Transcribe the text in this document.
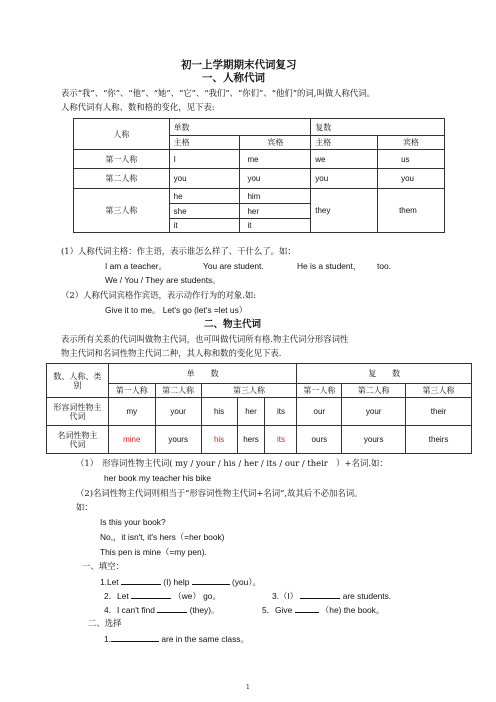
初一上学期期末代词复习
一、人称代词
表示“我”、“你”、“他”、“她”、“它”、“我们”、“你们”、“他们”的词,叫做人称代词。
人称代词有人称、数和格的变化，见下表:
人称	单数		复数	
	主格	宾格	主格	宾格
第一人称	I	me	we	us
第二人称	you	you	you	you
第三人称	he	him	they	them
	she	her		
	it	it		
(1）人称代词主格：作主语，表示谁怎么样了、干什么了。如：
I am a teacher。	You are student.	He is a student， too.
We / You / They are students。
（2）人称代词宾格作宾语，表示动作行为的对象.如:
Give it to me。 Let's go (let's =let us）
二、物主代词
表示所有关系的代词叫做物主代词，也可叫做代词所有格.物主代词分形容词性
物主代词和名词性物主代词二种，其人称和数的变化见下表.
数、人称、类
别	单　　数					复　　数		
	第一人称	第二人称	第三人称			第一人称	第二人称	第三人称
形容词性物主
代词	my	your	his	her	its	our	your	their
名词性物主
代词	mine	yours	his	hers	its	ours	yours	theirs
（1）　形容词性物主代词( my / your / his / her / its / our / their　）+名词.如：
her book my teacher his bike
（2)名词性物主代词则相当于“形容词性物主代词+名词”,故其后不必加名词。
如：
Is this your book?
No,，it isn't, it's hers（=her book)
This pen is mine（=my pen).
一、填空：
1.Let	(I) help	(you）。
2．Let	（we） go。	3.（I）	are students.
4．I can't find	(they)。	5．Give	（he) the book。
二、选择
1.	are in the same class。
1
